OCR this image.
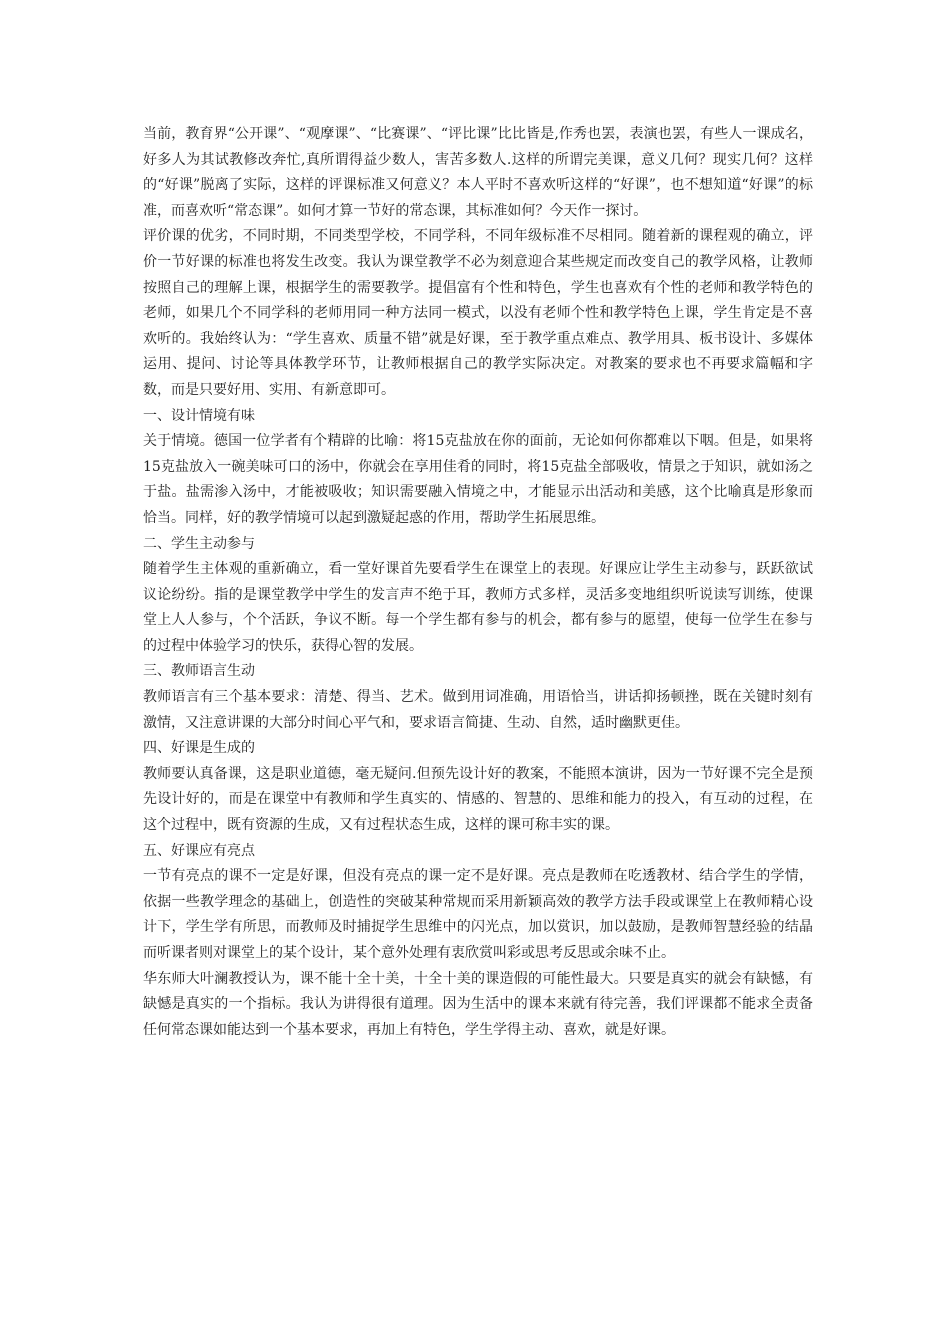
当前，教育界“公开课”、“观摩课”、“比赛课”、“评比课”比比皆是,作秀也罢，表演也罢，有些人一课成名，好多人为其试教修改奔忙,真所谓得益少数人，害苦多数人.这样的所谓完美课，意义几何？现实几何？这样的“好课”脱离了实际，这样的评课标准又何意义？本人平时不喜欢听这样的“好课”，也不想知道“好课”的标准，而喜欢听“常态课”。如何才算一节好的常态课，其标准如何？今天作一探讨。

评价课的优劣，不同时期，不同类型学校，不同学科，不同年级标准不尽相同。随着新的课程观的确立，评价一节好课的标准也将发生改变。我认为课堂教学不必为刻意迎合某些规定而改变自己的教学风格，让教师按照自己的理解上课，根据学生的需要教学。提倡富有个性和特色，学生也喜欢有个性的老师和教学特色的老师，如果几个不同学科的老师用同一种方法同一模式，以没有老师个性和教学特色上课，学生肯定是不喜欢听的。我始终认为：“学生喜欢、质量不错”就是好课，至于教学重点难点、教学用具、板书设计、多媒体运用、提问、讨论等具体教学环节，让教师根据自己的教学实际决定。对教案的要求也不再要求篇幅和字数，而是只要好用、实用、有新意即可。

一、设计情境有味

关于情境。德国一位学者有个精辟的比喻：将15克盐放在你的面前，无论如何你都难以下咽。但是，如果将15克盐放入一碗美味可口的汤中，你就会在享用佳肴的同时，将15克盐全部吸收，情景之于知识，就如汤之于盐。盐需渗入汤中，才能被吸收；知识需要融入情境之中，才能显示出活动和美感，这个比喻真是形象而恰当。同样，好的教学情境可以起到激疑起惑的作用，帮助学生拓展思维。

二、学生主动参与

随着学生主体观的重新确立，看一堂好课首先要看学生在课堂上的表现。好课应让学生主动参与，跃跃欲试议论纷纷。指的是课堂教学中学生的发言声不绝于耳，教师方式多样，灵活多变地组织听说读写训练，使课堂上人人参与，个个活跃，争议不断。每一个学生都有参与的机会，都有参与的愿望，使每一位学生在参与的过程中体验学习的快乐，获得心智的发展。

三、教师语言生动

教师语言有三个基本要求：清楚、得当、艺术。做到用词准确，用语恰当，讲话抑扬顿挫，既在关键时刻有激情，又注意讲课的大部分时间心平气和，要求语言简捷、生动、自然，适时幽默更佳。

四、好课是生成的

教师要认真备课，这是职业道德，毫无疑问.但预先设计好的教案，不能照本演讲，因为一节好课不完全是预先设计好的，而是在课堂中有教师和学生真实的、情感的、智慧的、思维和能力的投入，有互动的过程，在这个过程中，既有资源的生成，又有过程状态生成，这样的课可称丰实的课。

五、好课应有亮点

一节有亮点的课不一定是好课，但没有亮点的课一定不是好课。亮点是教师在吃透教材、结合学生的学情，依据一些教学理念的基础上，创造性的突破某种常规而采用新颖高效的教学方法手段或课堂上在教师精心设计下，学生学有所思，而教师及时捕捉学生思维中的闪光点，加以赏识，加以鼓励，是教师智慧经验的结晶而听课者则对课堂上的某个设计，某个意外处理有衷欣赏叫彩或思考反思或余味不止。

华东师大叶澜教授认为，课不能十全十美，十全十美的课造假的可能性最大。只要是真实的就会有缺憾，有缺憾是真实的一个指标。我认为讲得很有道理。因为生活中的课本来就有待完善，我们评课都不能求全责备任何常态课如能达到一个基本要求，再加上有特色，学生学得主动、喜欢，就是好课。
